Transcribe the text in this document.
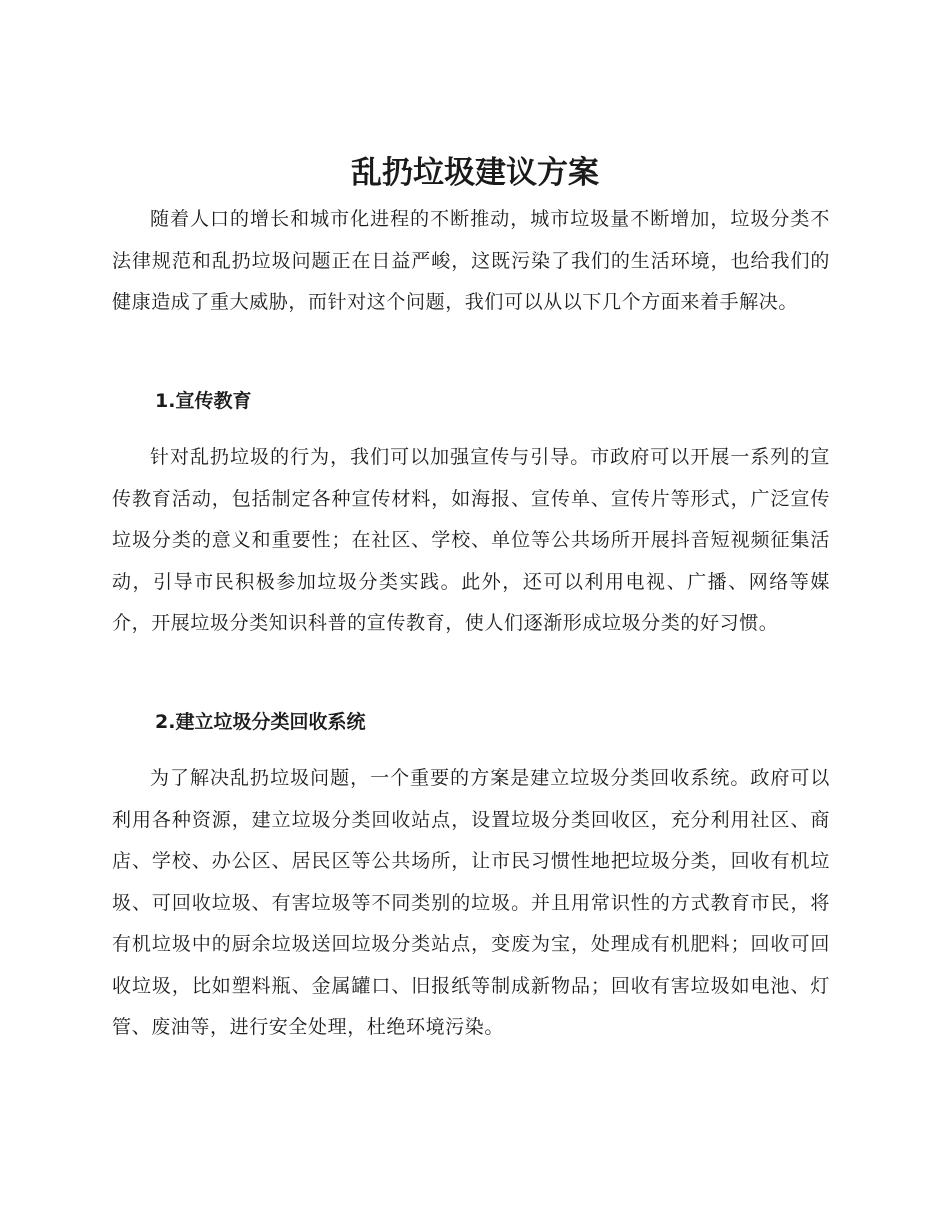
乱扔垃圾建议方案

随着人口的增长和城市化进程的不断推动，城市垃圾量不断增加，垃圾分类不法律规范和乱扔垃圾问题正在日益严峻，这既污染了我们的生活环境，也给我们的健康造成了重大威胁，而针对这个问题，我们可以从以下几个方面来着手解决。

1.宣传教育

针对乱扔垃圾的行为，我们可以加强宣传与引导。市政府可以开展一系列的宣传教育活动，包括制定各种宣传材料，如海报、宣传单、宣传片等形式，广泛宣传垃圾分类的意义和重要性；在社区、学校、单位等公共场所开展抖音短视频征集活动，引导市民积极参加垃圾分类实践。此外，还可以利用电视、广播、网络等媒介，开展垃圾分类知识科普的宣传教育，使人们逐渐形成垃圾分类的好习惯。

2.建立垃圾分类回收系统

为了解决乱扔垃圾问题，一个重要的方案是建立垃圾分类回收系统。政府可以利用各种资源，建立垃圾分类回收站点，设置垃圾分类回收区，充分利用社区、商店、学校、办公区、居民区等公共场所，让市民习惯性地把垃圾分类，回收有机垃圾、可回收垃圾、有害垃圾等不同类别的垃圾。并且用常识性的方式教育市民，将有机垃圾中的厨余垃圾送回垃圾分类站点，变废为宝，处理成有机肥料；回收可回收垃圾，比如塑料瓶、金属罐口、旧报纸等制成新物品；回收有害垃圾如电池、灯管、废油等，进行安全处理，杜绝环境污染。
